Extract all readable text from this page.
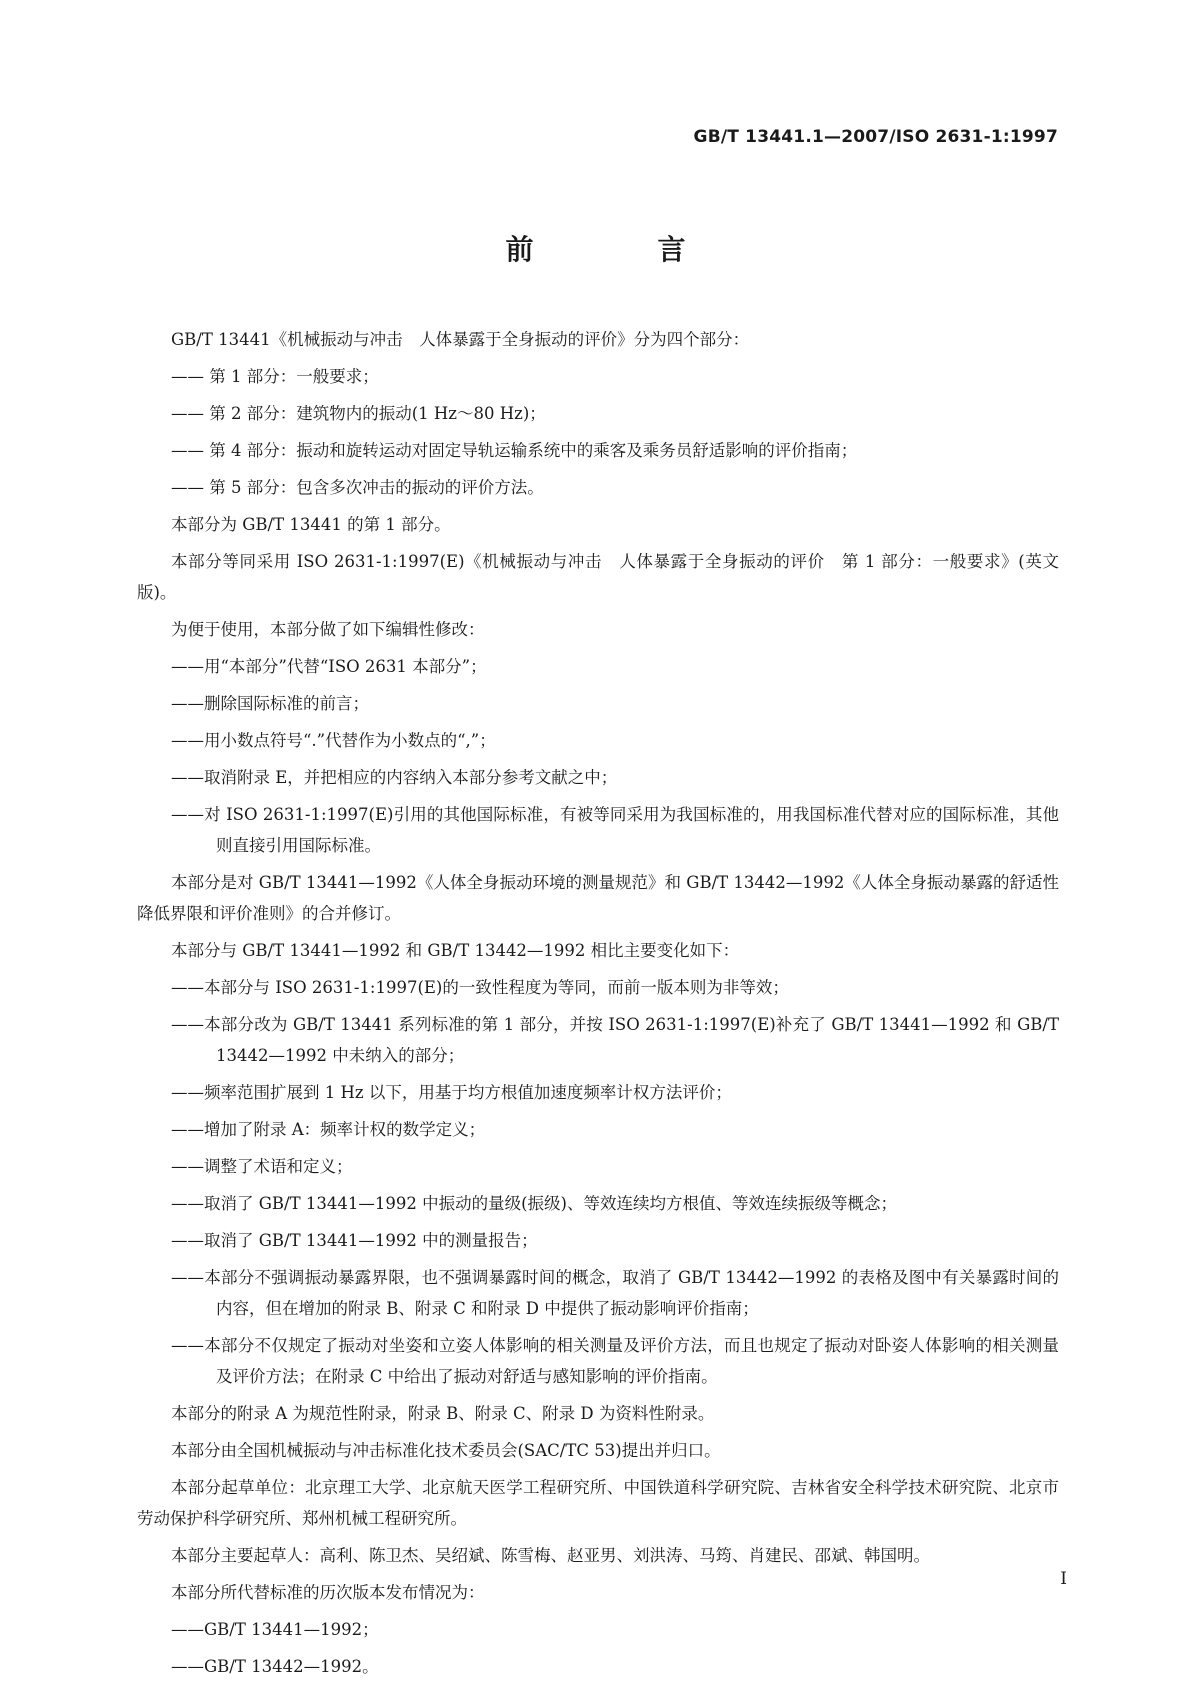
GB/T 13441.1—2007/ISO 2631-1:1997
前　言

GB/T 13441《机械振动与冲击　人体暴露于全身振动的评价》分为四个部分：

—— 第 1 部分：一般要求；

—— 第 2 部分：建筑物内的振动(1 Hz～80 Hz)；

—— 第 4 部分：振动和旋转运动对固定导轨运输系统中的乘客及乘务员舒适影响的评价指南；

—— 第 5 部分：包含多次冲击的振动的评价方法。

本部分为 GB/T 13441 的第 1 部分。

本部分等同采用 ISO 2631-1:1997(E)《机械振动与冲击　人体暴露于全身振动的评价　第 1 部分：一般要求》(英文版)。

为便于使用，本部分做了如下编辑性修改：

——用“本部分”代替“ISO 2631 本部分”；

——删除国际标准的前言；

——用小数点符号“.”代替作为小数点的“,”；

——取消附录 E，并把相应的内容纳入本部分参考文献之中；

——对 ISO 2631-1:1997(E)引用的其他国际标准，有被等同采用为我国标准的，用我国标准代替对应的国际标准，其他则直接引用国际标准。

本部分是对 GB/T 13441—1992《人体全身振动环境的测量规范》和 GB/T 13442—1992《人体全身振动暴露的舒适性降低界限和评价准则》的合并修订。

本部分与 GB/T 13441—1992 和 GB/T 13442—1992 相比主要变化如下：

——本部分与 ISO 2631-1:1997(E)的一致性程度为等同，而前一版本则为非等效；

——本部分改为 GB/T 13441 系列标准的第 1 部分，并按 ISO 2631-1:1997(E)补充了 GB/T 13441—1992 和 GB/T 13442—1992 中未纳入的部分；

——频率范围扩展到 1 Hz 以下，用基于均方根值加速度频率计权方法评价；

——增加了附录 A：频率计权的数学定义；

——调整了术语和定义；

——取消了 GB/T 13441—1992 中振动的量级(振级)、等效连续均方根值、等效连续振级等概念；

——取消了 GB/T 13441—1992 中的测量报告；

——本部分不强调振动暴露界限，也不强调暴露时间的概念，取消了 GB/T 13442—1992 的表格及图中有关暴露时间的内容，但在增加的附录 B、附录 C 和附录 D 中提供了振动影响评价指南；

——本部分不仅规定了振动对坐姿和立姿人体影响的相关测量及评价方法，而且也规定了振动对卧姿人体影响的相关测量及评价方法；在附录 C 中给出了振动对舒适与感知影响的评价指南。

本部分的附录 A 为规范性附录，附录 B、附录 C、附录 D 为资料性附录。

本部分由全国机械振动与冲击标准化技术委员会(SAC/TC 53)提出并归口。

本部分起草单位：北京理工大学、北京航天医学工程研究所、中国铁道科学研究院、吉林省安全科学技术研究院、北京市劳动保护科学研究所、郑州机械工程研究所。

本部分主要起草人：高利、陈卫杰、吴绍斌、陈雪梅、赵亚男、刘洪涛、马筠、肖建民、邵斌、韩国明。

本部分所代替标准的历次版本发布情况为：

——GB/T 13441—1992；

——GB/T 13442—1992。

I
